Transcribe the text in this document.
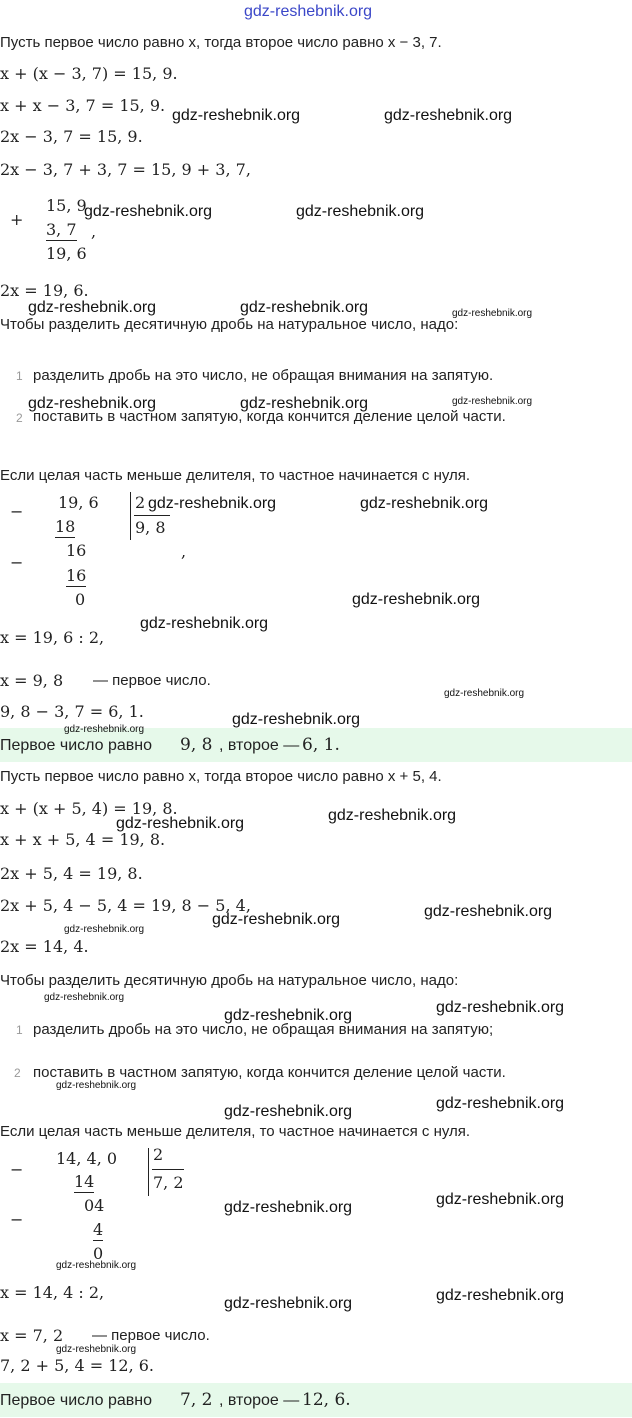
gdz-reshebnik.org
Пусть первое число равно x, тогда второе число равно x − 3, 7.
x + (x − 3, 7) = 15, 9.
x + x − 3, 7 = 15, 9.
2x − 3, 7 = 15, 9.
2x − 3, 7 + 3, 7 = 15, 9 + 3, 7,
+
15, 9
3, 7 ,
19, 6
2x = 19, 6.
Чтобы разделить десятичную дробь на натуральное число, надо:
1 разделить дробь на это число, не обращая внимания на запятую.
2 поставить в частном запятую, когда кончится деление целой части.
Если целая часть меньше делителя, то частное начинается с нуля.
− 19, 6 2
9, 8
18
,
−
16
16
0
x = 19, 6 : 2,
x = 9, 8 — первое число.
9, 8 − 3, 7 = 6, 1.
Первое число равно 9, 8 , второе — 6, 1.
Пусть первое число равно x, тогда второе число равно x + 5, 4.
x + (x + 5, 4) = 19, 8.
x + x + 5, 4 = 19, 8.
2x + 5, 4 = 19, 8.
2x + 5, 4 − 5, 4 = 19, 8 − 5, 4,
2x = 14, 4.
Чтобы разделить десятичную дробь на натуральное число, надо:
1 разделить дробь на это число, не обращая внимания на запятую;
2 поставить в частном запятую, когда кончится деление целой части.
Если целая часть меньше делителя, то частное начинается с нуля.
−
14, 4, 0 2
7, 2
14
−
04
4
0
x = 14, 4 : 2,
x = 7, 2 — первое число.
7, 2 + 5, 4 = 12, 6.
Первое число равно 7, 2 , второе — 12, 6.
gdz-reshebnik.org	gdz-reshebnik.org
gdz-reshebnik.org	gdz-reshebnik.org
gdz-reshebnik.org	gdz-reshebnik.org	gdz-reshebnik.org
gdz-reshebnik.org	gdz-reshebnik.org	gdz-reshebnik.org
gdz-reshebnik.org	gdz-reshebnik.org
gdz-reshebnik.org
gdz-reshebnik.org
gdz-reshebnik.org
gdz-reshebnik.org
gdz-reshebnik.org
gdz-reshebnik.org
gdz-reshebnik.org
gdz-reshebnik.org
gdz-reshebnik.org
gdz-reshebnik.org
gdz-reshebnik.org
gdz-reshebnik.org
gdz-reshebnik.org
gdz-reshebnik.org
gdz-reshebnik.org
gdz-reshebnik.org
gdz-reshebnik.org
gdz-reshebnik.org
gdz-reshebnik.org
gdz-reshebnik.org
gdz-reshebnik.org
gdz-reshebnik.org
